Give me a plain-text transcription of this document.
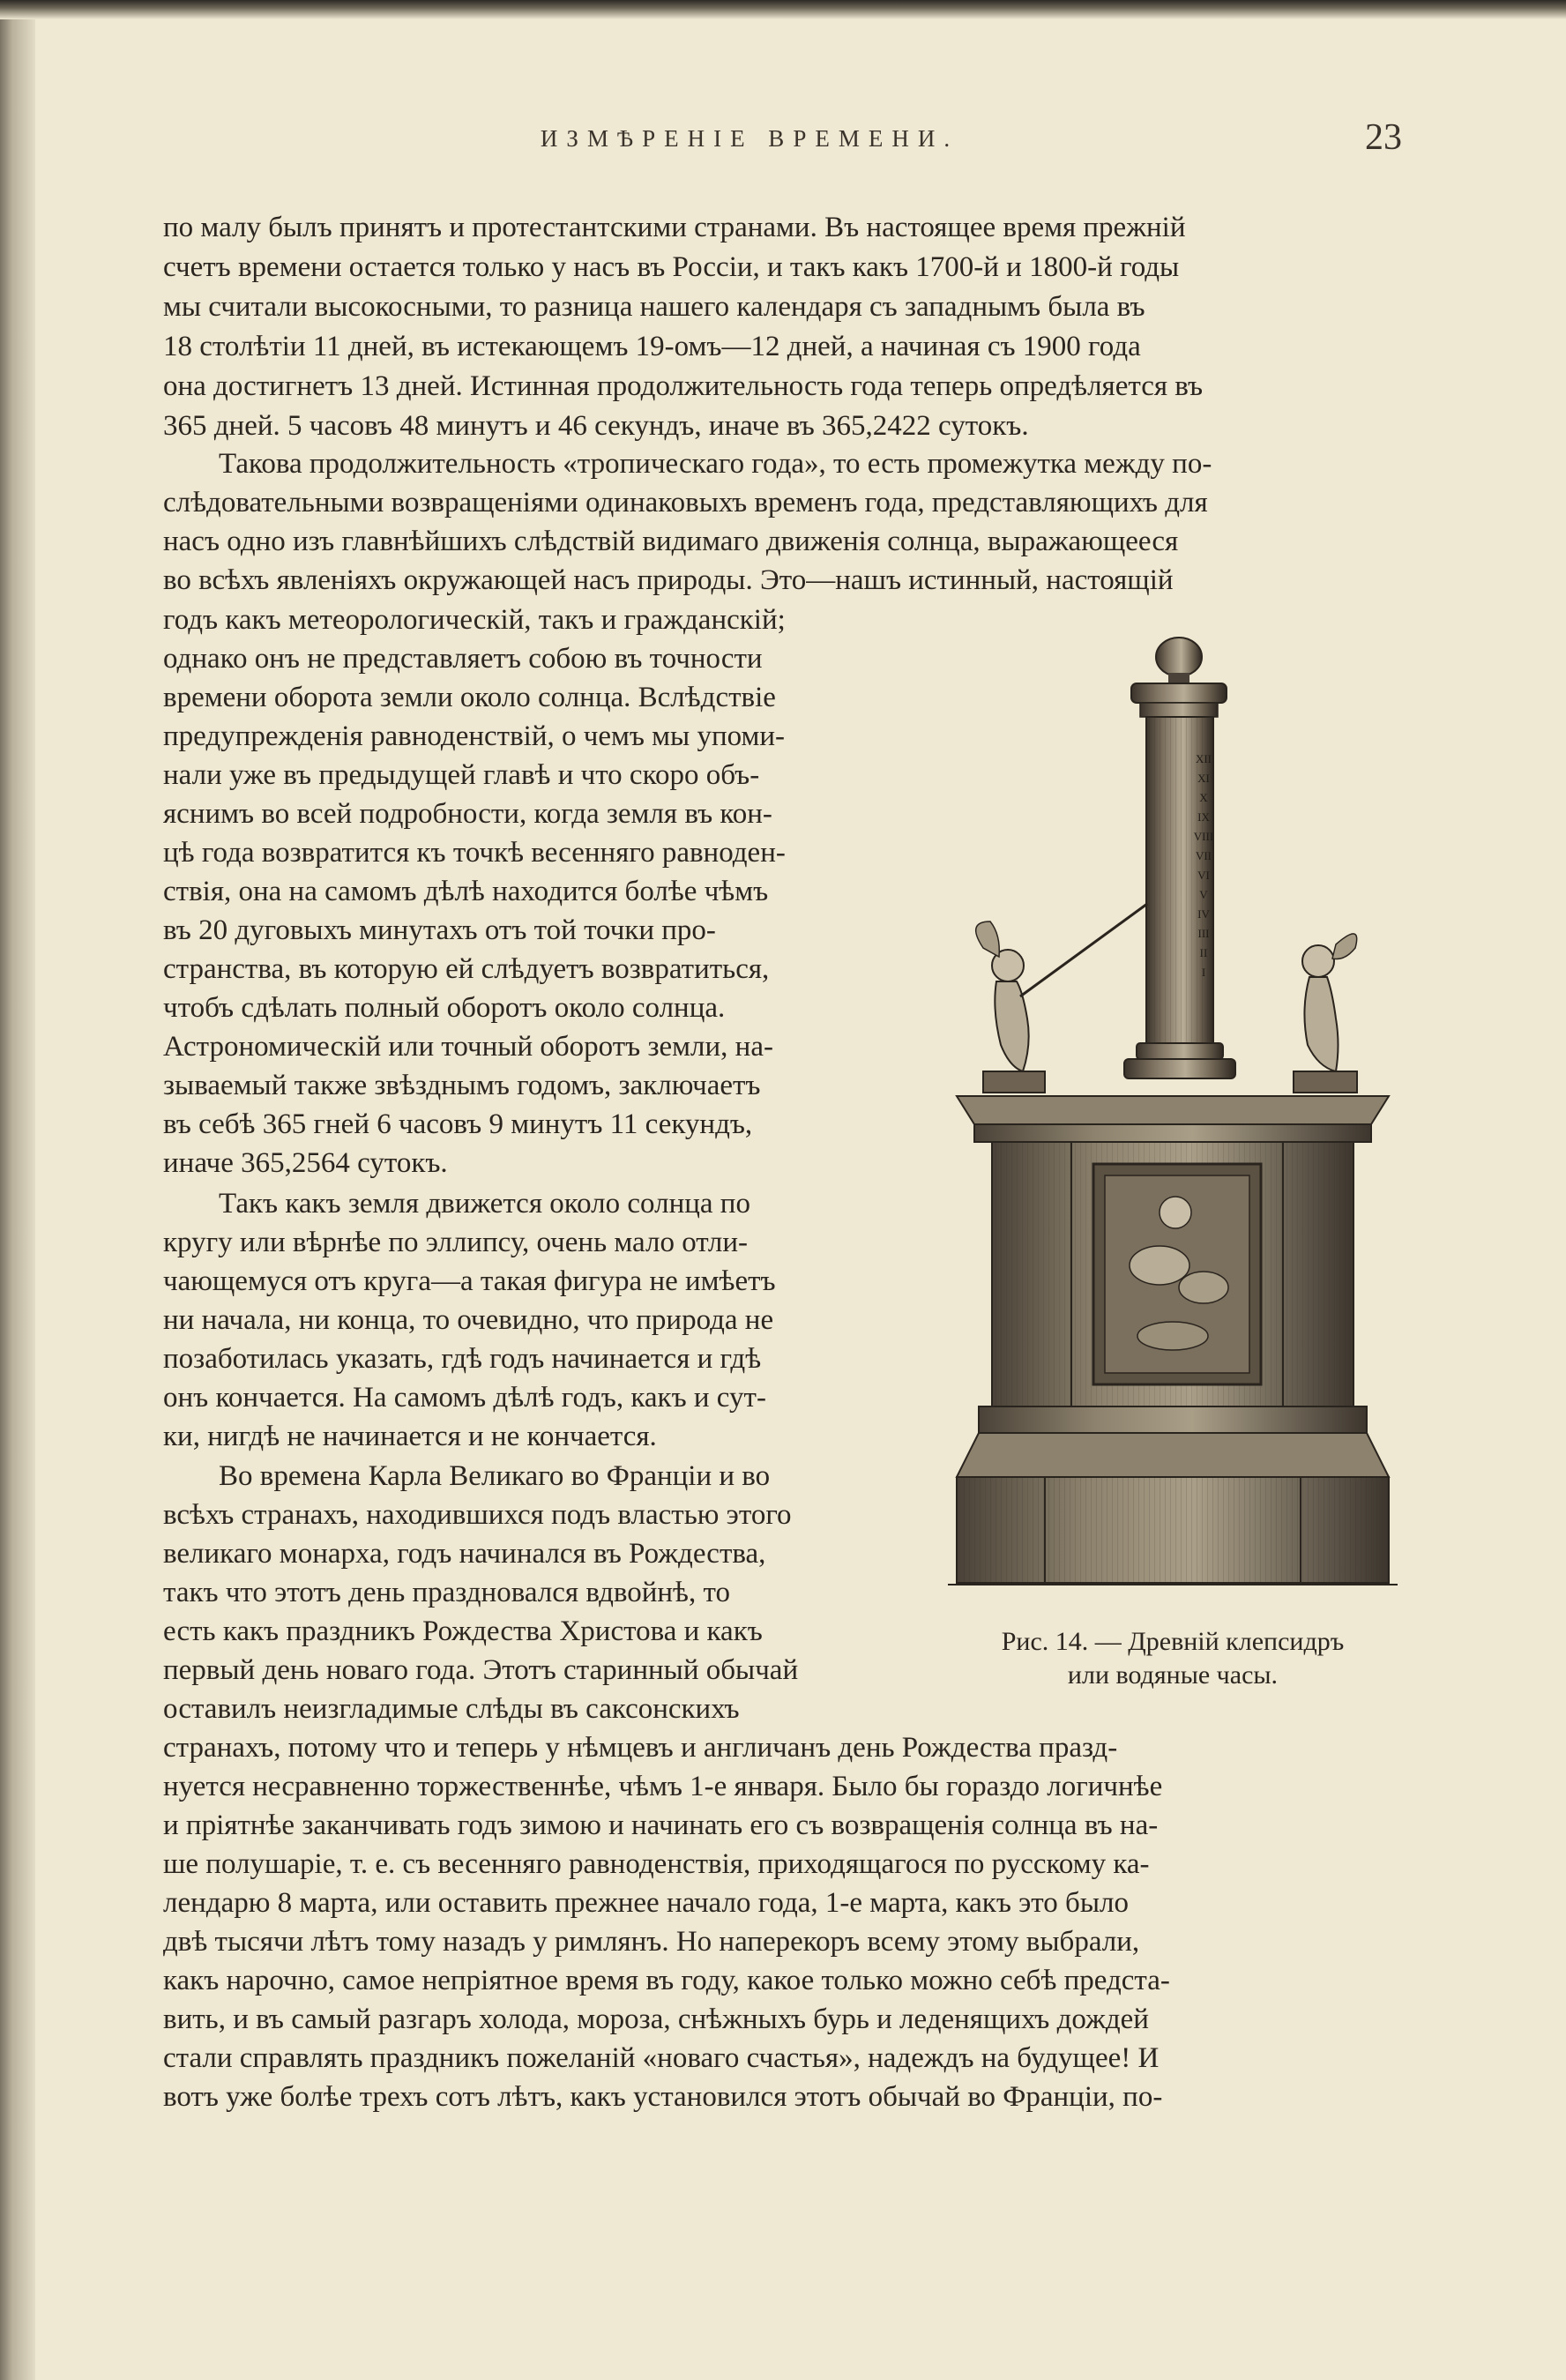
ИЗМѢРЕНІЕ ВРЕМЕНИ.	23
по малу былъ принятъ и протестантскими странами. Въ настоящее время прежній
счетъ времени остается только у насъ въ Россіи, и такъ какъ 1700-й и 1800-й годы
мы считали высокосными, то разница нашего календаря съ западнымъ была въ
18 столѣтіи 11 дней, въ истекающемъ 19-омъ—12 дней, а начиная съ 1900 года
она достигнетъ 13 дней. Истинная продолжительность года теперь опредѣляется въ
365 дней. 5 часовъ 48 минутъ и 46 секундъ, иначе въ 365,2422 сутокъ.
Такова продолжительность «тропическаго года», то есть промежутка между по-
слѣдовательными возвращеніями одинаковыхъ временъ года, представляющихъ для
насъ одно изъ главнѣйшихъ слѣдствій видимаго движенія солнца, выражающееся
во всѣхъ явленіяхъ окружающей насъ природы. Это—нашъ истинный, настоящій
годъ какъ метеорологическій, такъ и гражданскій;
однако онъ не представляетъ собою въ точности
времени оборота земли около солнца. Вслѣдствіе
предупрежденія равноденствій, о чемъ мы упоми-
нали уже въ предыдущей главѣ и что скоро объ-
яснимъ во всей подробности, когда земля въ кон-
цѣ года возвратится къ точкѣ весенняго равноден-
ствія, она на самомъ дѣлѣ находится болѣе чѣмъ
въ 20 дуговыхъ минутахъ отъ той точки про-
странства, въ которую ей слѣдуетъ возвратиться,
чтобъ сдѣлать полный оборотъ около солнца.
Астрономическій или точный оборотъ земли, на-
зываемый также звѣзднымъ годомъ, заключаетъ
въ себѣ 365 гней 6 часовъ 9 минутъ 11 секундъ,
иначе 365,2564 сутокъ.
Такъ какъ земля движется около солнца по
кругу или вѣрнѣе по эллипсу, очень мало отли-
чающемуся отъ круга—а такая фигура не имѣетъ
ни начала, ни конца, то очевидно, что природа не
позаботилась указать, гдѣ годъ начинается и гдѣ
онъ кончается. На самомъ дѣлѣ годъ, какъ и сут-
ки, нигдѣ не начинается и не кончается.
Во времена Карла Великаго во Франціи и во
всѣхъ странахъ, находившихся подъ властью этого
великаго монарха, годъ начинался въ Рождества,
такъ что этотъ день праздновался вдвойнѣ, то
есть какъ праздникъ Рождества Христова и какъ
первый день новаго года. Этотъ старинный обычай
оставилъ неизгладимые слѣды въ саксонскихъ
странахъ, потому что и теперь у нѣмцевъ и англичанъ день Рождества празд-
нуется несравненно торжественнѣе, чѣмъ 1-е января. Было бы гораздо логичнѣе
и пріятнѣе заканчивать годъ зимою и начинать его съ возвращенія солнца въ на-
ше полушаріе, т. е. съ весенняго равноденствія, приходящагося по русскому ка-
лендарю 8 марта, или оставить прежнее начало года, 1-е марта, какъ это было
двѣ тысячи лѣтъ тому назадъ у римлянъ. Но наперекоръ всему этому выбрали,
какъ нарочно, самое непріятное время въ году, какое только можно себѣ предста-
вить, и въ самый разгаръ холода, мороза, снѣжныхъ бурь и леденящихъ дождей
стали справлять праздникъ пожеланій «новаго счастья», надеждъ на будущее! И
вотъ уже болѣе трехъ сотъ лѣтъ, какъ установился этотъ обычай во Франціи, по-
XII
XI
X
IX
VIII
VII
VI
V
IV
III
II
I
Рис. 14. — Древній клепсидръ
или водяные часы.
